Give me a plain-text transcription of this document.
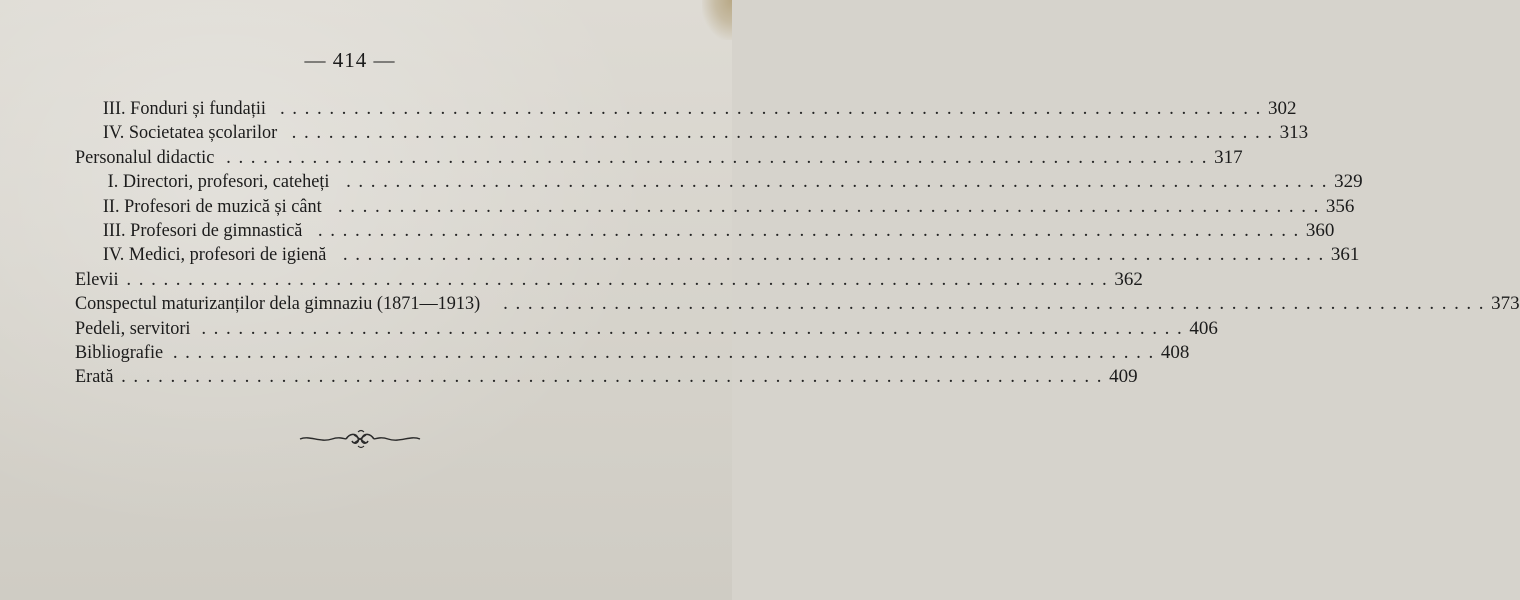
— 414 —
III. Fonduri și fundații ................................................................................ 302
IV. Societatea școlarilor ................................................................................ 313
Personalul didactic ................................................................................ 317
I. Directori, profesori, cateheți ................................................................................ 329
II. Profesori de muzică și cânt ................................................................................ 356
III. Profesori de gimnastică ................................................................................ 360
IV. Medici, profesori de igienă ................................................................................ 361
Elevii ................................................................................ 362
Conspectul maturizanților dela gimnaziu (1871—1913)	................................................................................ 373
Pedeli, servitori ................................................................................ 406
Bibliografie ................................................................................ 408
Erată ................................................................................ 409
